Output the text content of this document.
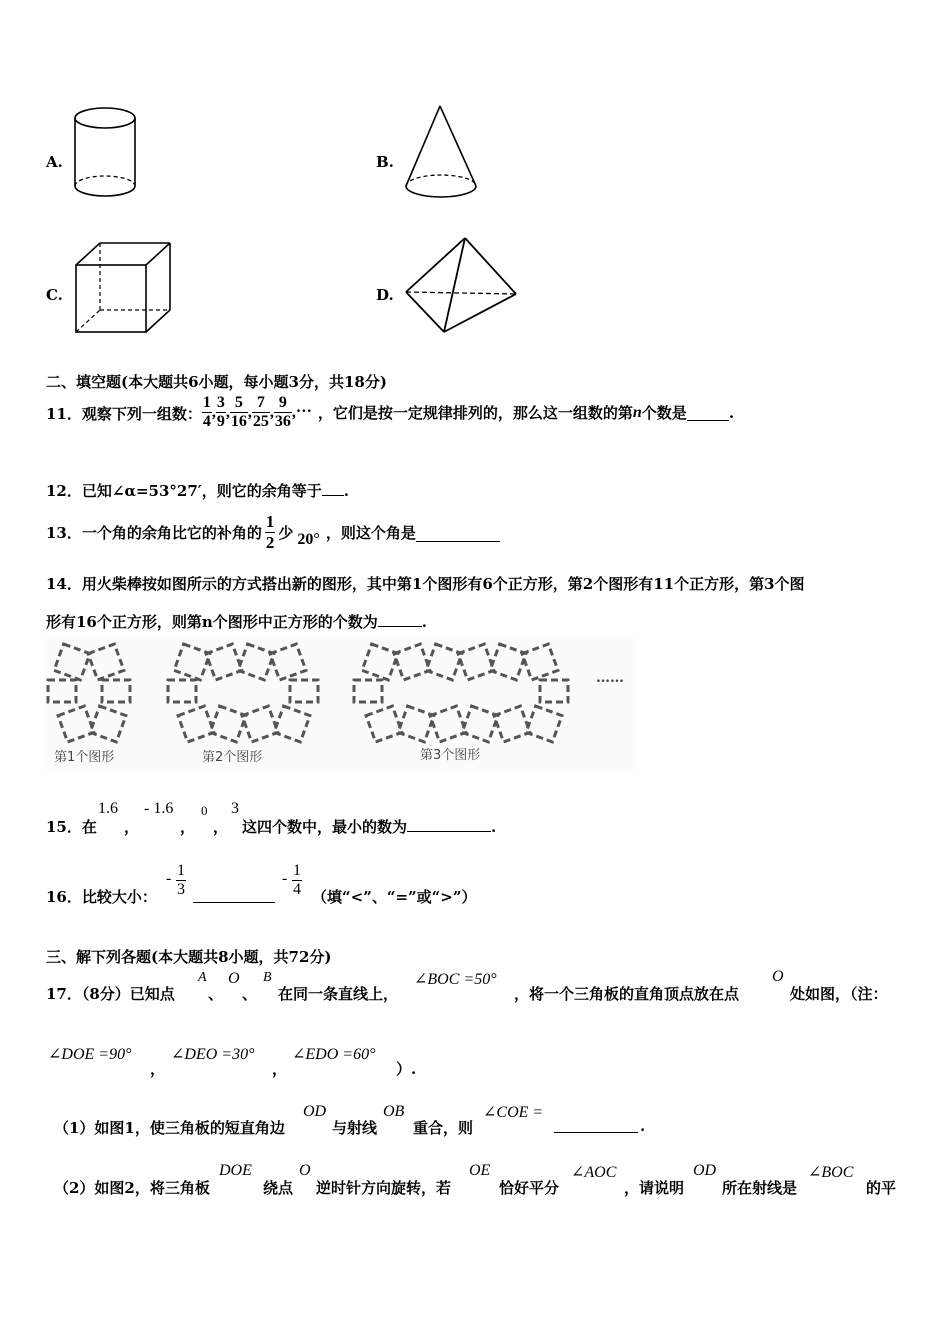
A.	B.
C.	D.
二、填空题(本大题共6小题，每小题3分，共18分)
11．观察下列一组数： $\frac{1}{4}$ , $\frac{3}{9}$ , $\frac{5}{16}$ , $\frac{7}{25}$ , $\frac{9}{36}$ , … ，它们是按一定规律排列的，那么这一组数的第 n 个数是	.
12．已知∠α=53°27′，则它的余角等于 .
13．一个角的余角比它的补角的 $\frac{1}{2}$ 少 20° ，则这个角是
14．用火柴棒按如图所示的方式搭出新的图形，其中第1个图形有6个正方形，第2个图形有11个正方形，第3个图
形有16个正方形，则第n个图形中正方形的个数为	.
第1个图形	第2个图形	第3个图形
……
15．在
1.6
，
- 1.6
，
0
，
3
这四个数中，最小的数为	.
16．比较大小：
- $\frac{1}{3}$	- $\frac{1}{4}$ （填“<”、“=”或“>”）
三、解下列各题(本大题共8小题，共72分)
17．（8分）已知点
A
、
O
、
B
在同一条直线上，
∠BOC =50°
，将一个三角板的直角顶点放在点
O
处如图，（注：
∠DOE =90°
，
∠DEO =30°
，
∠EDO =60°
）.
（1）如图1，使三角板的短直角边
OD
与射线
OB
重合，则
∠COE =
.
（2）如图2，将三角板
DOE
绕点
O
逆时针方向旋转，若
OE
恰好平分
∠AOC
，请说明
OD
所在射线是
∠BOC
的平
